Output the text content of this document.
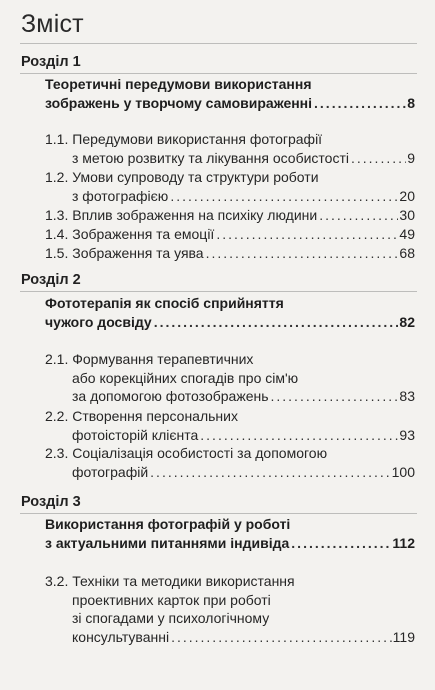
Зміст
Розділ 1
Теоретичні передумови використання
зображень у творчому самовираженні .....	8
1.1. Передумови використання фотографії
з метою розвитку та лікування особистості .....	9
1.2. Умови супроводу та структури роботи
з фотографією .....	20
1.3.
Вплив зображення на психіку людини .....	30
1.4.
Зображення та емоції .....	49
1.5.
Зображення та уява .....	68
Розділ 2
Фототерапія як спосіб сприйняття
чужого досвіду .....	82
2.1. Формування терапевтичних
або корекційних спогадів про сім'ю
за допомогою фотозображень .....	83
2.2. Створення персональних
фотоісторій клієнта .....	93
2.3. Соціалізація особистості за допомогою
фотографій .....	100
Розділ 3
Використання фотографій у роботі
з актуальними питаннями індивіда .....	112
3.2. Техніки та методики використання
проективних карток при роботі
зі спогадами у психологічному
консультуванні .....	119
